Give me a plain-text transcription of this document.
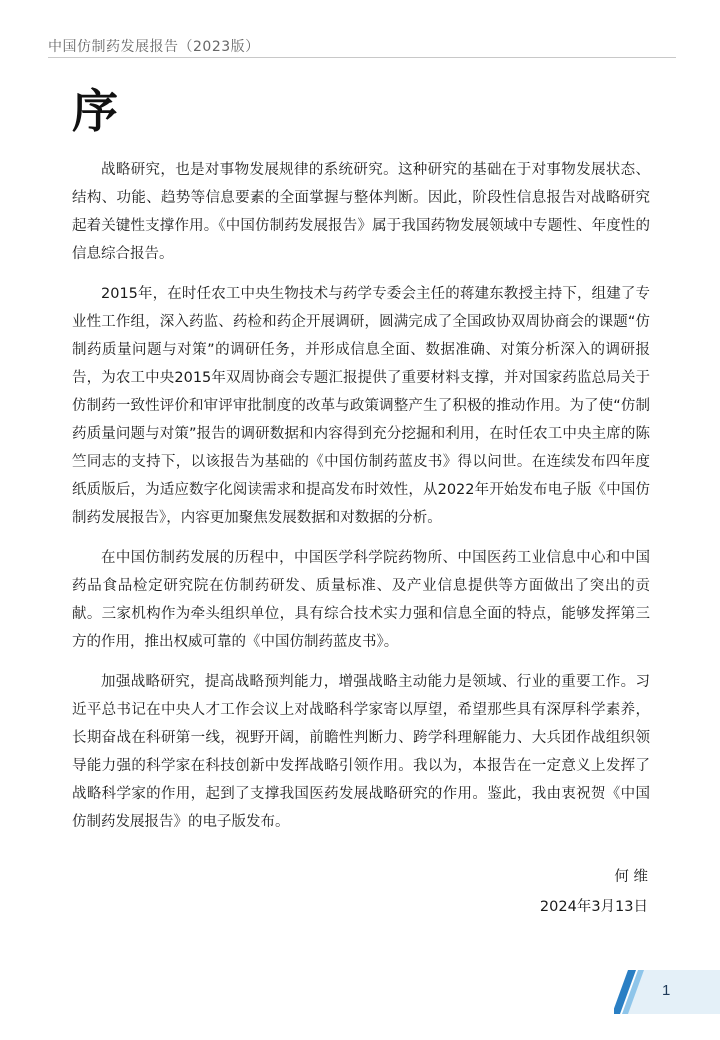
中国仿制药发展报告（2023版）
序

战略研究，也是对事物发展规律的系统研究。这种研究的基础在于对事物发展状态、结构、功能、趋势等信息要素的全面掌握与整体判断。因此，阶段性信息报告对战略研究起着关键性支撑作用。《中国仿制药发展报告》属于我国药物发展领域中专题性、年度性的信息综合报告。

2015年，在时任农工中央生物技术与药学专委会主任的蒋建东教授主持下，组建了专业性工作组，深入药监、药检和药企开展调研，圆满完成了全国政协双周协商会的课题“仿制药质量问题与对策”的调研任务，并形成信息全面、数据准确、对策分析深入的调研报告，为农工中央2015年双周协商会专题汇报提供了重要材料支撑，并对国家药监总局关于仿制药一致性评价和审评审批制度的改革与政策调整产生了积极的推动作用。为了使“仿制药质量问题与对策”报告的调研数据和内容得到充分挖掘和利用，在时任农工中央主席的陈竺同志的支持下，以该报告为基础的《中国仿制药蓝皮书》得以问世。在连续发布四年度纸质版后，为适应数字化阅读需求和提高发布时效性，从2022年开始发布电子版《中国仿制药发展报告》，内容更加聚焦发展数据和对数据的分析。

在中国仿制药发展的历程中，中国医学科学院药物所、中国医药工业信息中心和中国药品食品检定研究院在仿制药研发、质量标准、及产业信息提供等方面做出了突出的贡献。三家机构作为牵头组织单位，具有综合技术实力强和信息全面的特点，能够发挥第三方的作用，推出权威可靠的《中国仿制药蓝皮书》。

加强战略研究，提高战略预判能力，增强战略主动能力是领域、行业的重要工作。习近平总书记在中央人才工作会议上对战略科学家寄以厚望，希望那些具有深厚科学素养，长期奋战在科研第一线，视野开阔，前瞻性判断力、跨学科理解能力、大兵团作战组织领导能力强的科学家在科技创新中发挥战略引领作用。我以为，本报告在一定意义上发挥了战略科学家的作用，起到了支撑我国医药发展战略研究的作用。鉴此，我由衷祝贺《中国仿制药发展报告》的电子版发布。

何 维
2024年3月13日
1
